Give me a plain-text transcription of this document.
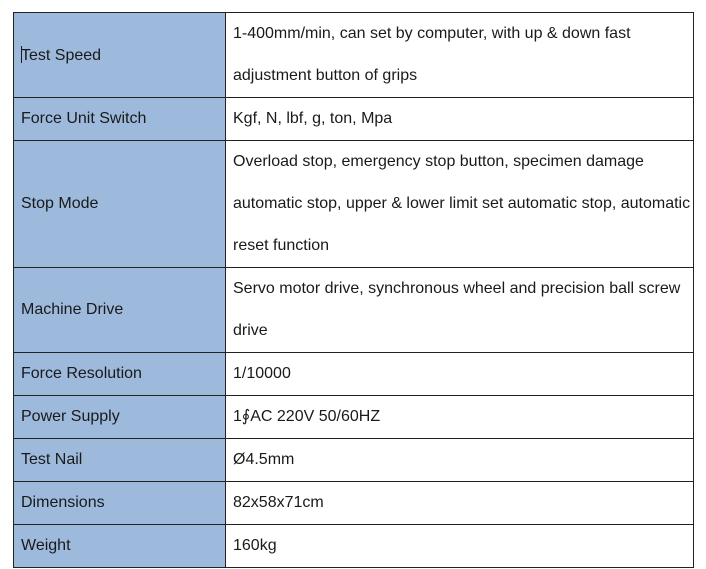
Test Speed	1-400mm/min, can set by computer, with up & down fast adjustment button of grips
Force Unit Switch	Kgf, N, lbf, g, ton, Mpa
Stop Mode	Overload stop, emergency stop button, specimen damage automatic stop, upper & lower limit set automatic stop, automatic reset function
Machine Drive	Servo motor drive, synchronous wheel and precision ball screw drive
Force Resolution	1/10000
Power Supply	1∮AC 220V 50/60HZ
Test Nail	Ø4.5mm
Dimensions	82x58x71cm
Weight	160kg
